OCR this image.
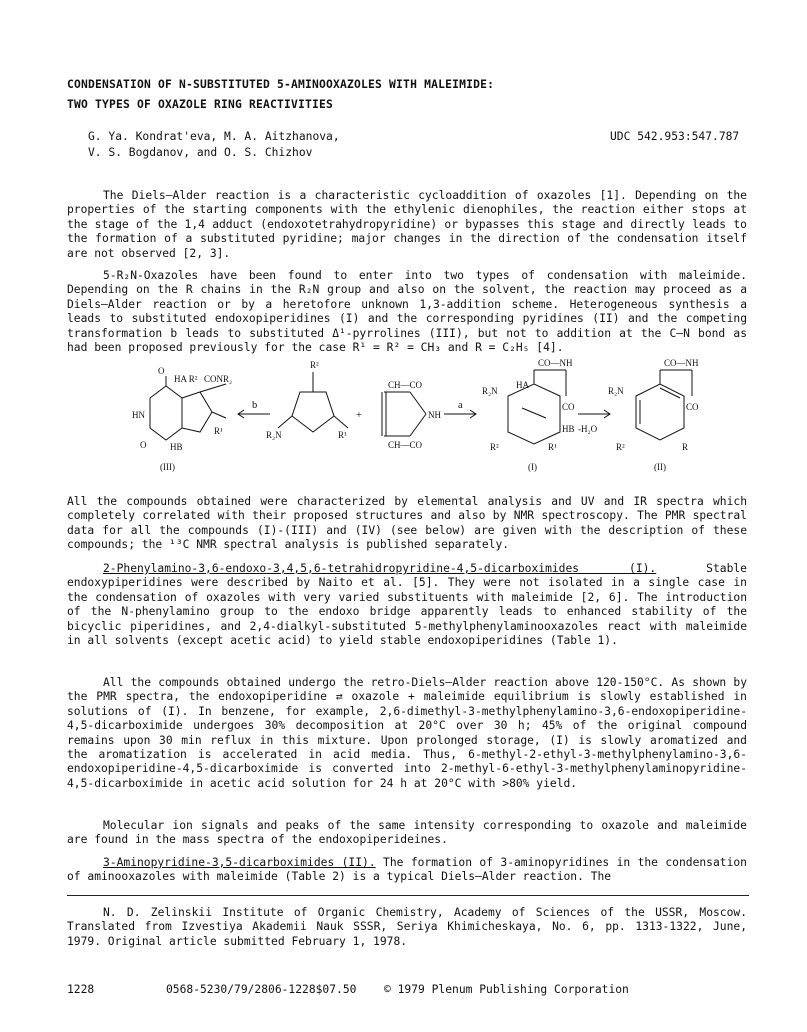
CONDENSATION OF N-SUBSTITUTED 5-AMINOOXAZOLES WITH MALEIMIDE:
TWO TYPES OF OXAZOLE RING REACTIVITIES
G. Ya. Kondrat'eva, M. A. Aitzhanova,
V. S. Bogdanov, and O. S. Chizhov
UDC 542.953:547.787

The Diels—Alder reaction is a characteristic cycloaddition of oxazoles [1]. Depending on the properties of the starting components with the ethylenic dienophiles, the reaction either stops at the stage of the 1,4 adduct (endoxotetrahydropyridine) or bypasses this stage and directly leads to the formation of a substituted pyridine; major changes in the direction of the condensation itself are not observed [2, 3].

5-R₂N-Oxazoles have been found to enter into two types of condensation with maleimide. Depending on the R chains in the R₂N group and also on the solvent, the reaction may proceed as a Diels—Alder reaction or by a heretofore unknown 1,3-addition scheme. Heterogeneous synthesis a leads to substituted endoxopiperidines (I) and the corresponding pyridines (II) and the competing transformation b leads to substituted Δ¹-pyrrolines (III), but not to addition at the C—N bond as had been proposed previously for the case R¹ = R² = CH₃ and R = C₂H₅ [4].

O
HA R² CONR₂
HN
O	HB
R¹
b
R²
R₂N	R¹
+
CH—CO
CH—CO
NH
a
CO—NH
R₂N
HA
CO
HB
R²	R¹
-H₂O
CO—NH
R₂N
CO
R²	R
(III)	(I)	(II)

All the compounds obtained were characterized by elemental analysis and UV and IR spectra which completely correlated with their proposed structures and also by NMR spectroscopy. The PMR spectral data for all the compounds (I)-(III) and (IV) (see below) are given with the description of these compounds; the ¹³C NMR spectral analysis is published separately.

2-Phenylamino-3,6-endoxo-3,4,5,6-tetrahidropyridine-4,5-dicarboximides (I).	Stable endoxypiperidines were described by Naito et al. [5]. They were not isolated in a single case in the condensation of oxazoles with very varied substituents with maleimide [2, 6]. The introduction of the N-phenylamino group to the endoxo bridge apparently leads to enhanced stability of the bicyclic piperidines, and 2,4-dialkyl-substituted 5-methylphenylaminooxazoles react with maleimide in all solvents (except acetic acid) to yield stable endoxopiperidines (Table 1).

All the compounds obtained undergo the retro-Diels—Alder reaction above 120-150°C. As shown by the PMR spectra, the endoxopiperidine ⇄ oxazole + maleimide equilibrium is slowly established in solutions of (I). In benzene, for example, 2,6-dimethyl-3-methylphenylamino-3,6-endoxopiperidine-4,5-dicarboximide undergoes 30% decomposition at 20°C over 30 h; 45% of the original compound remains upon 30 min reflux in this mixture. Upon prolonged storage, (I) is slowly aromatized and the aromatization is accelerated in acid media. Thus, 6-methyl-2-ethyl-3-methylphenylamino-3,6-endoxopiperidine-4,5-dicarboximide is converted into 2-methyl-6-ethyl-3-methylphenylaminopyridine-4,5-dicarboximide in acetic acid solution for 24 h at 20°C with >80% yield.

Molecular ion signals and peaks of the same intensity corresponding to oxazole and maleimide are found in the mass spectra of the endoxopiperideines.

3-Aminopyridine-3,5-dicarboximides (II). The formation of 3-aminopyridines in the condensation of aminooxazoles with maleimide (Table 2) is a typical Diels—Alder reaction. The

N. D. Zelinskii Institute of Organic Chemistry, Academy of Sciences of the USSR, Moscow. Translated from Izvestiya Akademii Nauk SSSR, Seriya Khimicheskaya, No. 6, pp. 1313-1322, June, 1979. Original article submitted February 1, 1978.

1228	0568-5230/79/2806-1228$07.50 © 1979 Plenum Publishing Corporation
